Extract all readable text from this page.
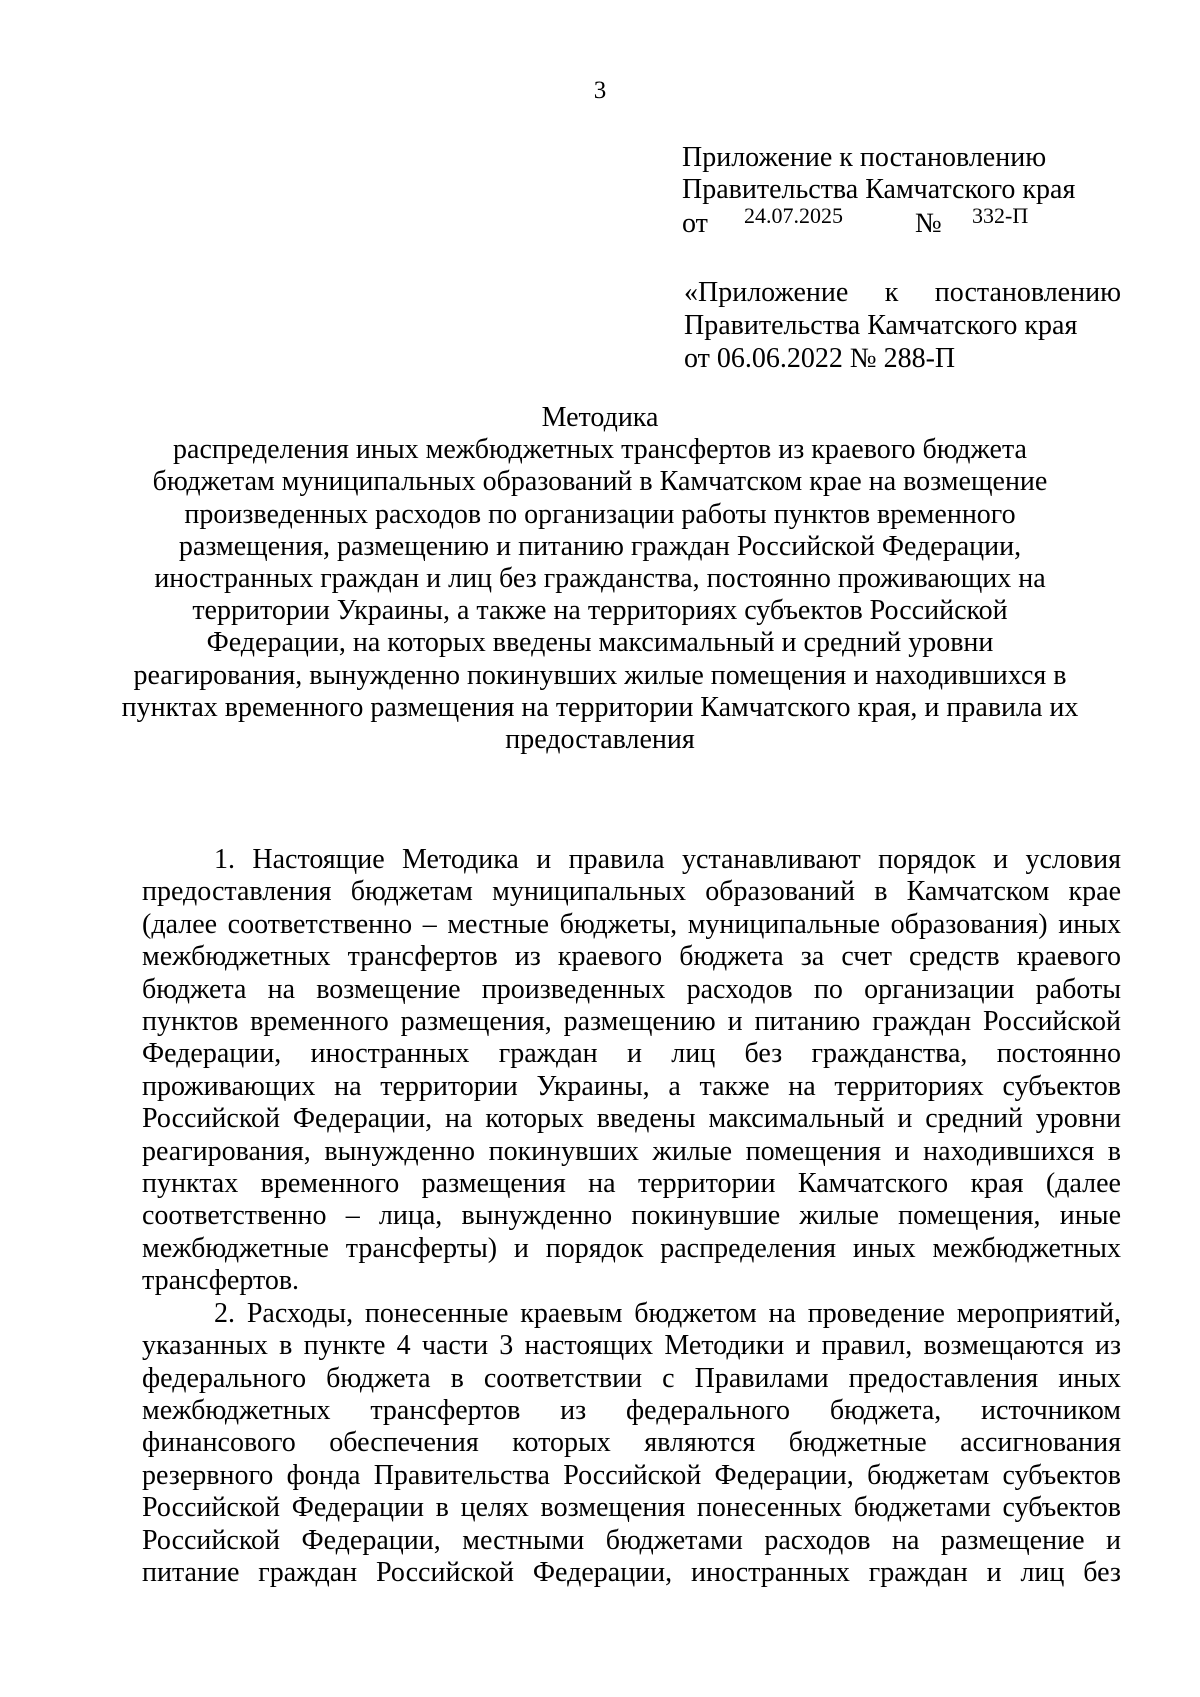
3
Приложение к постановлению
Правительства Камчатского края
от 24.07.2025	№ 332-П
«Приложение к постановлению
Правительства Камчатского края
от 06.06.2022 № 288-П
Методика
распределения иных межбюджетных трансфертов из краевого бюджета
бюджетам муниципальных образований в Камчатском крае на возмещение
произведенных расходов по организации работы пунктов временного
размещения, размещению и питанию граждан Российской Федерации,
иностранных граждан и лиц без гражданства, постоянно проживающих на
территории Украины, а также на территориях субъектов Российской
Федерации, на которых введены максимальный и средний уровни
реагирования, вынужденно покинувших жилые помещения и находившихся в
пунктах временного размещения на территории Камчатского края, и правила их
предоставления
1. Настоящие Методика и правила устанавливают порядок и условия
предоставления бюджетам муниципальных образований в Камчатском крае
(далее соответственно – местные бюджеты, муниципальные образования) иных
межбюджетных трансфертов из краевого бюджета за счет средств краевого
бюджета на возмещение произведенных расходов по организации работы
пунктов временного размещения, размещению и питанию граждан Российской
Федерации, иностранных граждан и лиц без гражданства, постоянно
проживающих на территории Украины, а также на территориях субъектов
Российской Федерации, на которых введены максимальный и средний уровни
реагирования, вынужденно покинувших жилые помещения и находившихся в
пунктах временного размещения на территории Камчатского края (далее
соответственно – лица, вынужденно покинувшие жилые помещения, иные
межбюджетные трансферты) и порядок распределения иных межбюджетных
трансфертов.
2. Расходы, понесенные краевым бюджетом на проведение мероприятий,
указанных в пункте 4 части 3 настоящих Методики и правил, возмещаются из
федерального бюджета в соответствии с Правилами предоставления иных
межбюджетных трансфертов из федерального бюджета, источником
финансового обеспечения которых являются бюджетные ассигнования
резервного фонда Правительства Российской Федерации, бюджетам субъектов
Российской Федерации в целях возмещения понесенных бюджетами субъектов
Российской Федерации, местными бюджетами расходов на размещение и
питание граждан Российской Федерации, иностранных граждан и лиц без
